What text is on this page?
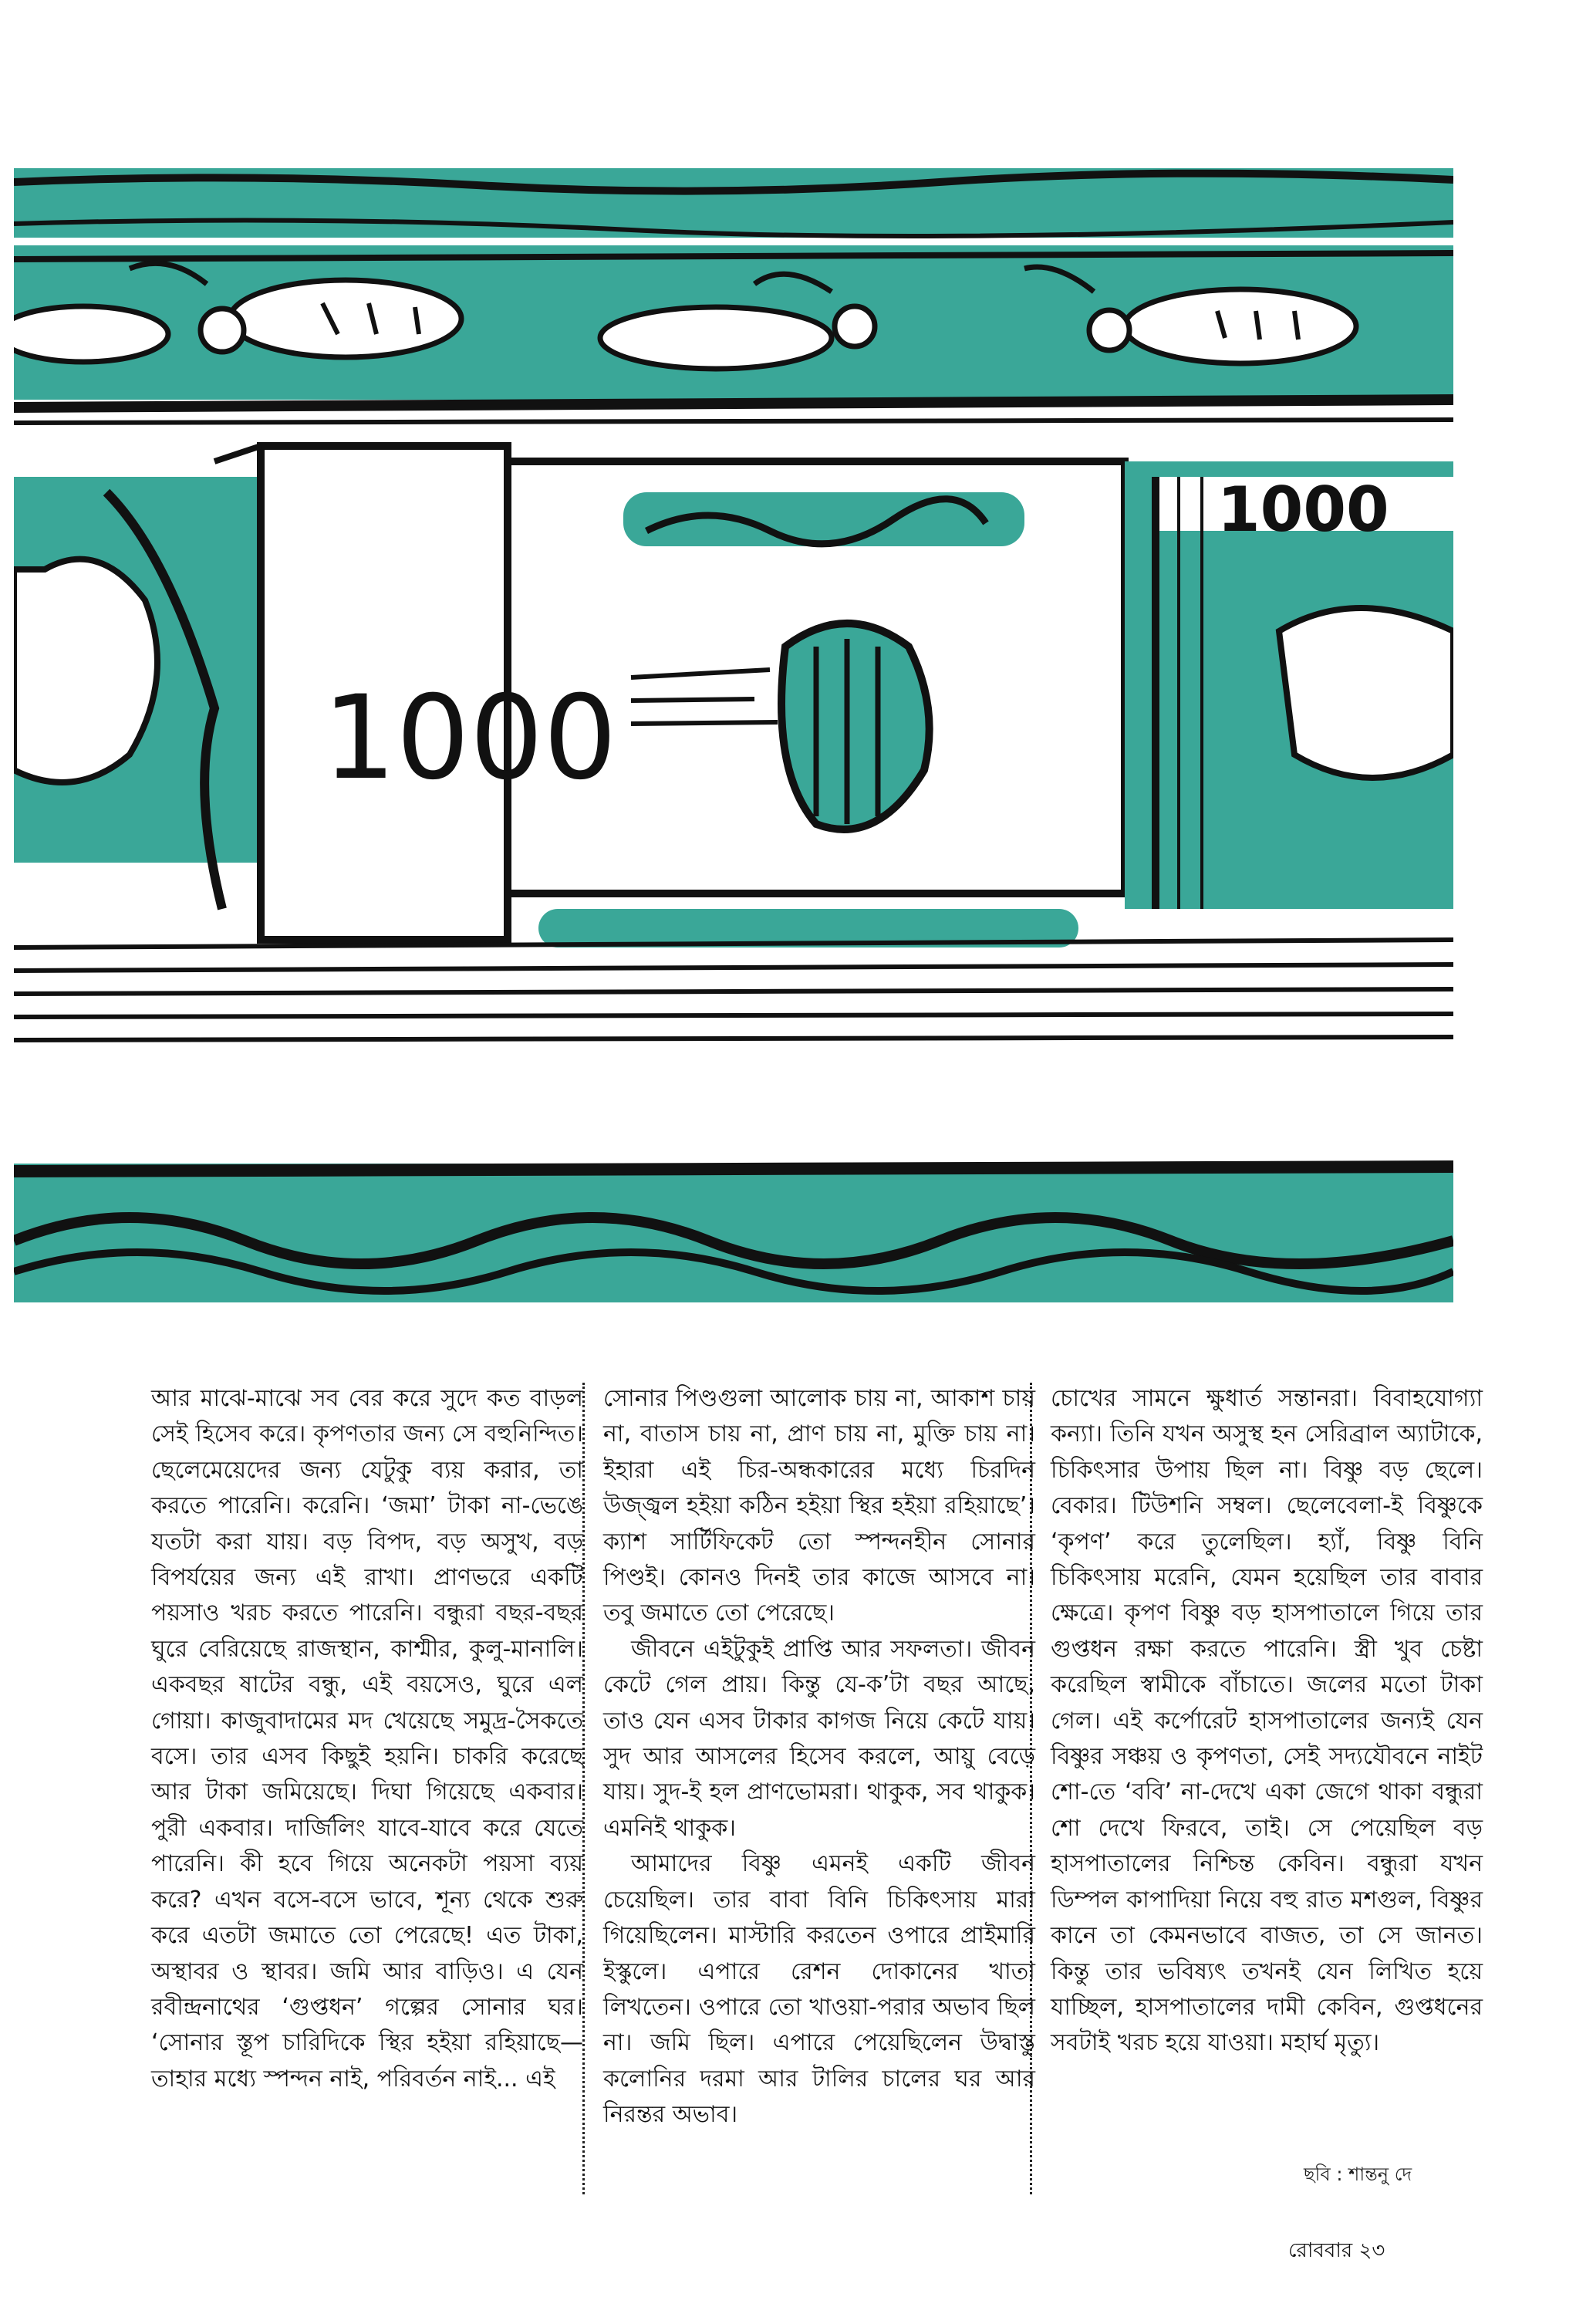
1000
1000

আর মাঝে-মাঝে সব বের করে সুদে কত বাড়ল সেই হিসেব করে। কৃপণতার জন্য সে বহুনিন্দিত। ছেলেমেয়েদের জন্য যেটুকু ব্যয় করার, তা করতে পারেনি। করেনি। ‘জমা’ টাকা না-ভেঙে যতটা করা যায়। বড় বিপদ, বড় অসুখ, বড় বিপর্যয়ের জন্য এই রাখা। প্রাণভরে একটি পয়সাও খরচ করতে পারেনি। বন্ধুরা বছর-বছর ঘুরে বেরিয়েছে রাজস্থান, কাশ্মীর, কুলু-মানালি। একবছর ষাটের বন্ধু, এই বয়সেও, ঘুরে এল গোয়া। কাজুবাদামের মদ খেয়েছে সমুদ্র-সৈকতে বসে। তার এসব কিছুই হয়নি। চাকরি করেছে আর টাকা জমিয়েছে। দিঘা গিয়েছে একবার। পুরী একবার। দার্জিলিং যাবে-যাবে করে যেতে পারেনি। কী হবে গিয়ে অনেকটা পয়সা ব্যয় করে? এখন বসে-বসে ভাবে, শূন্য থেকে শুরু করে এতটা জমাতে তো পেরেছে! এত টাকা, অস্থাবর ও স্থাবর। জমি আর বাড়িও। এ যেন রবীন্দ্রনাথের ‘গুপ্তধন’ গল্পের সোনার ঘর। ‘সোনার স্তূপ চারিদিকে স্থির হইয়া রহিয়াছে—তাহার মধ্যে স্পন্দন নাই, পরিবর্তন নাই... এই

সোনার পিণ্ডগুলা আলোক চায় না, আকাশ চায় না, বাতাস চায় না, প্রাণ চায় না, মুক্তি চায় না। ইহারা এই চির-অন্ধকারের মধ্যে চিরদিন উজ্জ্বল হইয়া কঠিন হইয়া স্থির হইয়া রহিয়াছে’। ক্যাশ সার্টিফিকেট তো স্পন্দনহীন সোনার পিণ্ডই। কোনও দিনই তার কাজে আসবে না। তবু জমাতে তো পেরেছে।

জীবনে এইটুকুই প্রাপ্তি আর সফলতা। জীবন কেটে গেল প্রায়। কিন্তু যে-ক’টা বছর আছে, তাও যেন এসব টাকার কাগজ নিয়ে কেটে যায়। সুদ আর আসলের হিসেব করলে, আয়ু বেড়ে যায়। সুদ-ই হল প্রাণভোমরা। থাকুক, সব থাকুক। এমনিই থাকুক।

আমাদের বিষ্ণু এমনই একটি জীবন চেয়েছিল। তার বাবা বিনি চিকিৎসায় মারা গিয়েছিলেন। মাস্টারি করতেন ওপারে প্রাইমারি ইস্কুলে। এপারে রেশন দোকানের খাতা লিখতেন। ওপারে তো খাওয়া-পরার অভাব ছিল না। জমি ছিল। এপারে পেয়েছিলেন উদ্বাস্তু কলোনির দরমা আর টালির চালের ঘর আর নিরন্তর অভাব।

চোখের সামনে ক্ষুধার্ত সন্তানরা। বিবাহযোগ্যা কন্যা। তিনি যখন অসুস্থ হন সেরিব্রাল অ্যাটাকে, চিকিৎসার উপায় ছিল না। বিষ্ণু বড় ছেলে। বেকার। টিউশনি সম্বল। ছেলেবেলা-ই বিষ্ণুকে ‘কৃপণ’ করে তুলেছিল। হ্যাঁ, বিষ্ণু বিনি চিকিৎসায় মরেনি, যেমন হয়েছিল তার বাবার ক্ষেত্রে। কৃপণ বিষ্ণু বড় হাসপাতালে গিয়ে তার গুপ্তধন রক্ষা করতে পারেনি। স্ত্রী খুব চেষ্টা করেছিল স্বামীকে বাঁচাতে। জলের মতো টাকা গেল। এই কর্পোরেট হাসপাতালের জন্যই যেন বিষ্ণুর সঞ্চয় ও কৃপণতা, সেই সদ্যযৌবনে নাইট শো-তে ‘ববি’ না-দেখে একা জেগে থাকা বন্ধুরা শো দেখে ফিরবে, তাই। সে পেয়েছিল বড় হাসপাতালের নিশ্চিন্ত কেবিন। বন্ধুরা যখন ডিম্পল কাপাদিয়া নিয়ে বহু রাত মশগুল, বিষ্ণুর কানে তা কেমনভাবে বাজত, তা সে জানত। কিন্তু তার ভবিষ্যৎ তখনই যেন লিখিত হয়ে যাচ্ছিল, হাসপাতালের দামী কেবিন, গুপ্তধনের সবটাই খরচ হয়ে যাওয়া। মহার্ঘ মৃত্যু।

ছবি : শান্তনু দে
রোববার ২৩
